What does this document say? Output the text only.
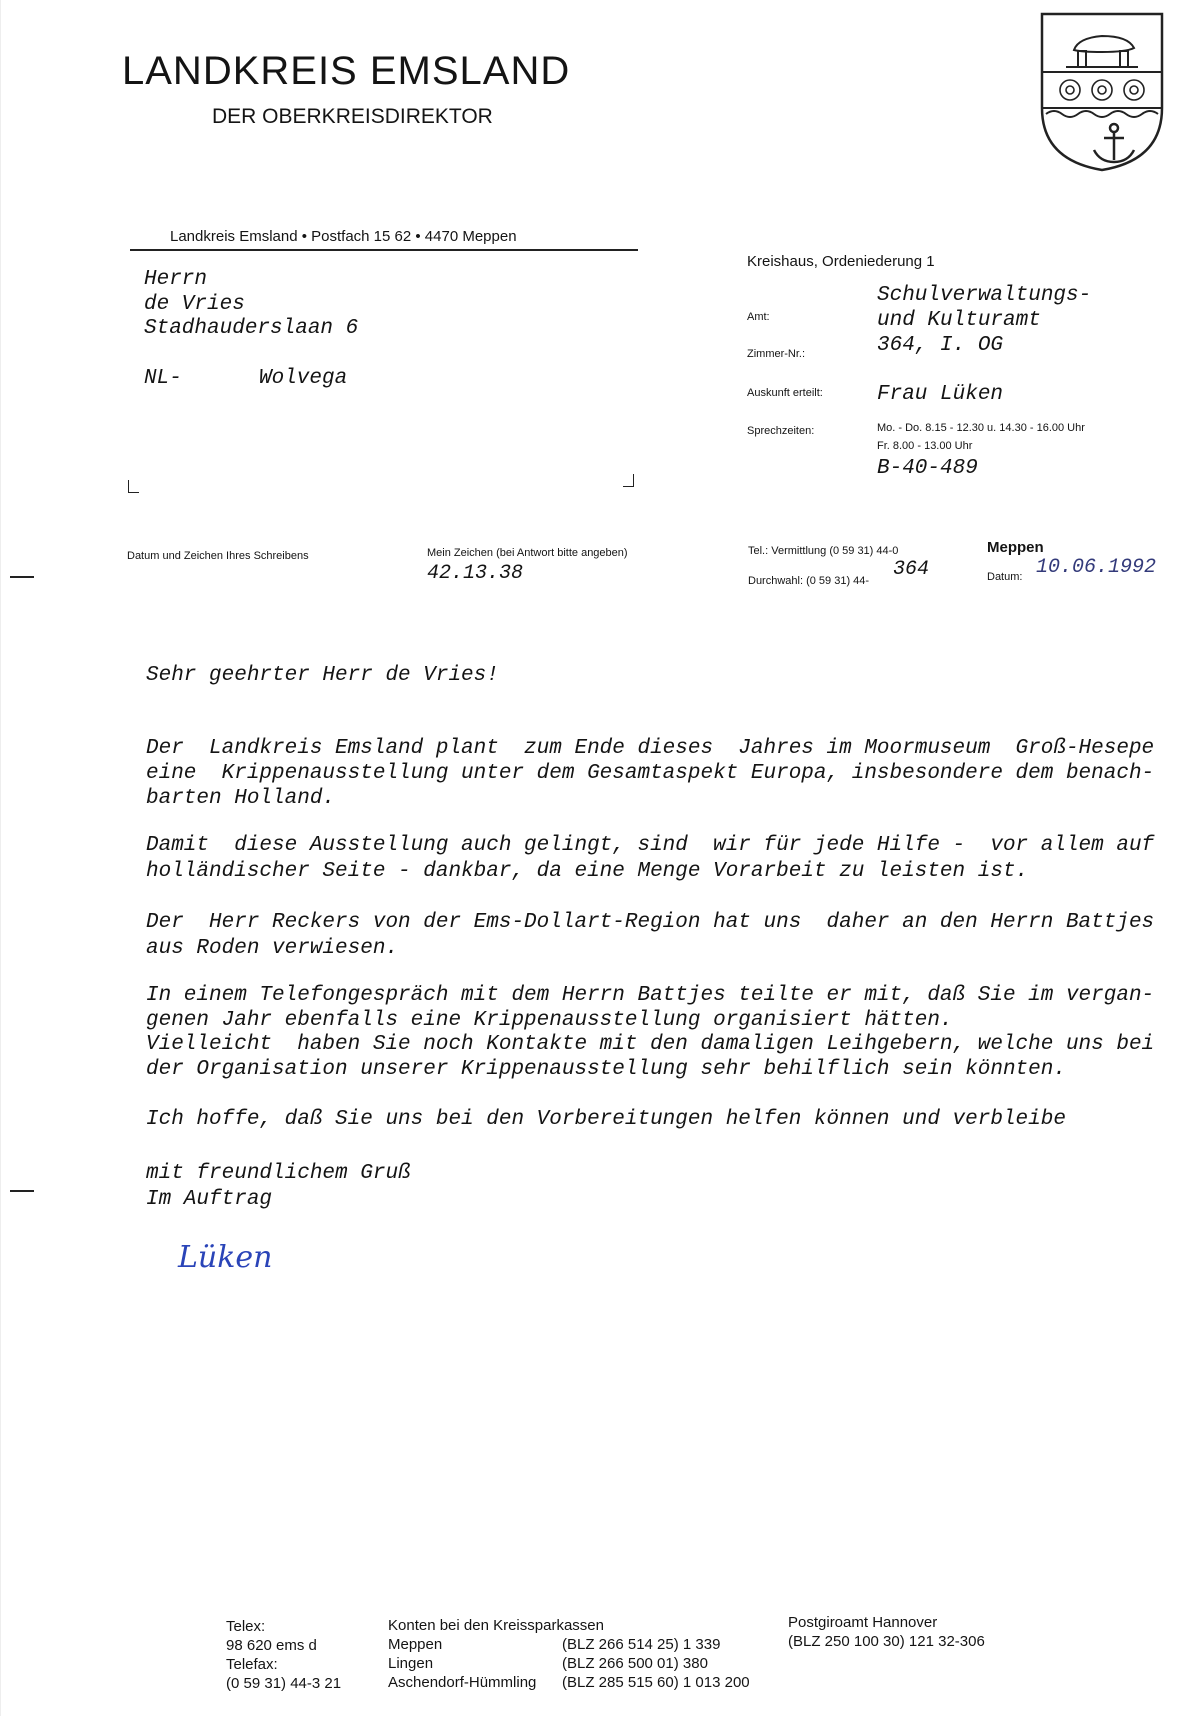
LANDKREIS EMSLAND
DER OBERKREISDIREKTOR
Landkreis Emsland • Postfach 15 62 • 4470 Meppen
Herrn
de Vries
Stadhauderslaan 6
NL-	Wolvega
Kreishaus, Ordeniederung 1
Amt:
Schulverwaltungs-
und Kulturamt
Zimmer-Nr.:	364, I. OG
Auskunft erteilt:	Frau Lüken
Sprechzeiten:	Mo. - Do. 8.15 - 12.30 u. 14.30 - 16.00 Uhr
Fr. 8.00 - 13.00 Uhr
B-40-489
Datum und Zeichen Ihres Schreibens	Mein Zeichen (bei Antwort bitte angeben)
42.13.38
Tel.: Vermittlung (0 59 31) 44-0
Durchwahl: (0 59 31) 44- 364
Meppen
Datum: 10.06.1992
Sehr geehrter Herr de Vries!
Der  Landkreis Emsland plant  zum Ende dieses  Jahres im Moormuseum  Groß-Hesepe
eine  Krippenausstellung unter dem Gesamtaspekt Europa, insbesondere dem benach-
barten Holland.
Damit  diese Ausstellung auch gelingt, sind  wir für jede Hilfe -  vor allem auf
holländischer Seite - dankbar, da eine Menge Vorarbeit zu leisten ist.
Der  Herr Reckers von der Ems-Dollart-Region hat uns  daher an den Herrn Battjes
aus Roden verwiesen.
In einem Telefongespräch mit dem Herrn Battjes teilte er mit, daß Sie im vergan-
genen Jahr ebenfalls eine Krippenausstellung organisiert hätten.
Vielleicht  haben Sie noch Kontakte mit den damaligen Leihgebern, welche uns bei
der Organisation unserer Krippenausstellung sehr behilflich sein könnten.
Ich hoffe, daß Sie uns bei den Vorbereitungen helfen können und verbleibe
mit freundlichem Gruß
Im Auftrag
Lüken
Telex:
98 620 ems d
Telefax:
(0 59 31) 44-3 21
Konten bei den Kreissparkassen
Meppen	(BLZ 266 514 25) 1 339
Lingen	(BLZ 266 500 01) 380
Aschendorf-Hümmling (BLZ 285 515 60) 1 013 200
Postgiroamt Hannover
(BLZ 250 100 30) 121 32-306
